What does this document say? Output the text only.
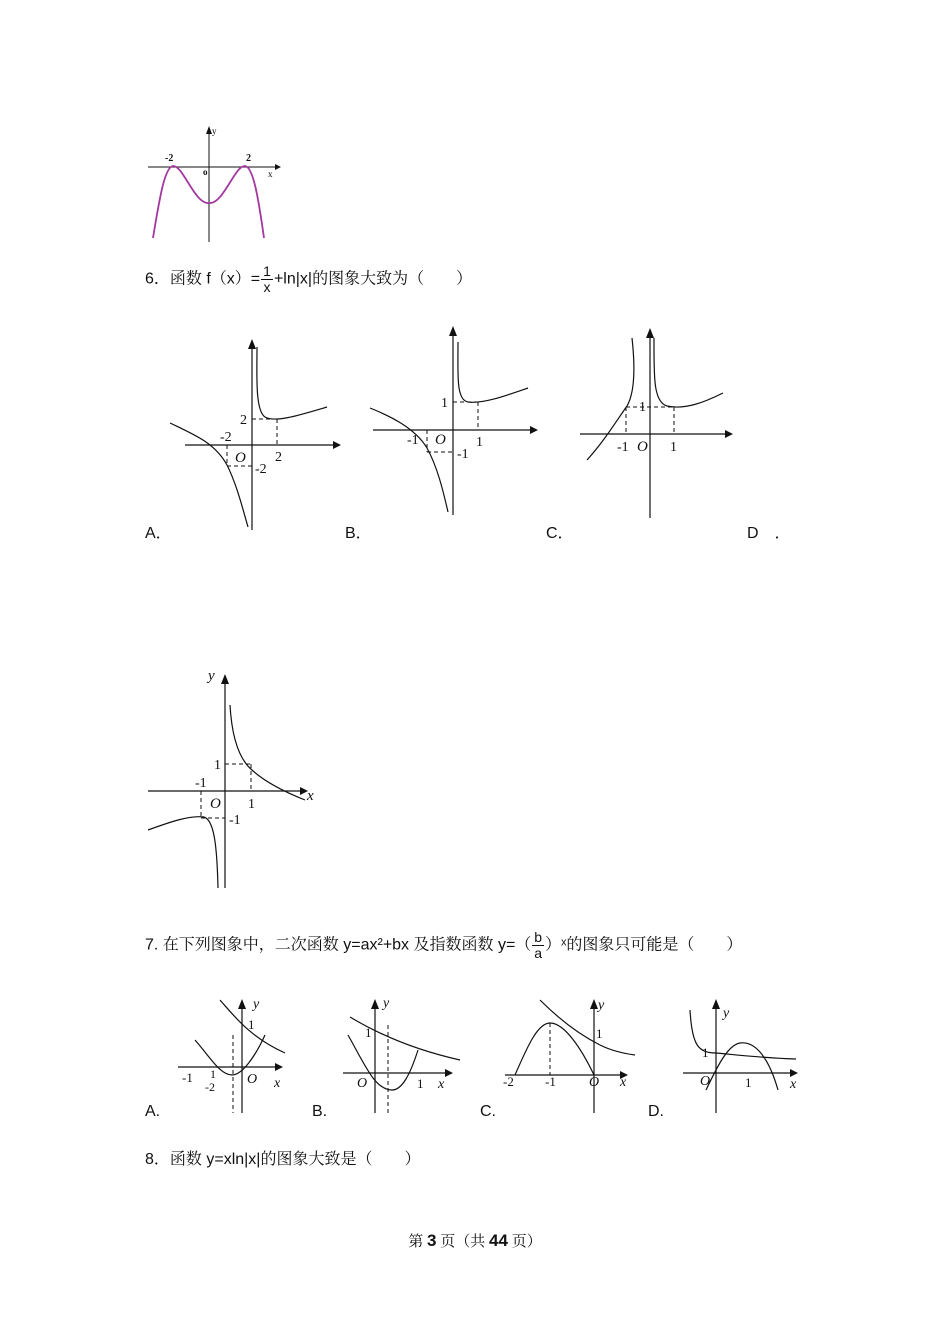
-2	2
o
y
x
6．函数 $f(x)= \frac{1}{x} +\ln|x|$的图象大致为（　　）
2
-2
O 2
-2
1
-1 O 1
-1
1
-1 O 1
A．	B．	C．	D　．
y
1
-1
O 1
-1
x
7. 在下列图象中，二次函数 y=ax²+bx 及指数函数 $y=( \frac{b}{a}$ ）ˣ的图象只可能是（　　）
y
1
-1 1
-2 O x
y
1
O	1 x
y
1
-2 -1 O x
y
1
O	1	x
A.	B.	C.	D.
8．函数 y=xln|x|的图象大致是（　　）
第 3 页（共 44 页）
